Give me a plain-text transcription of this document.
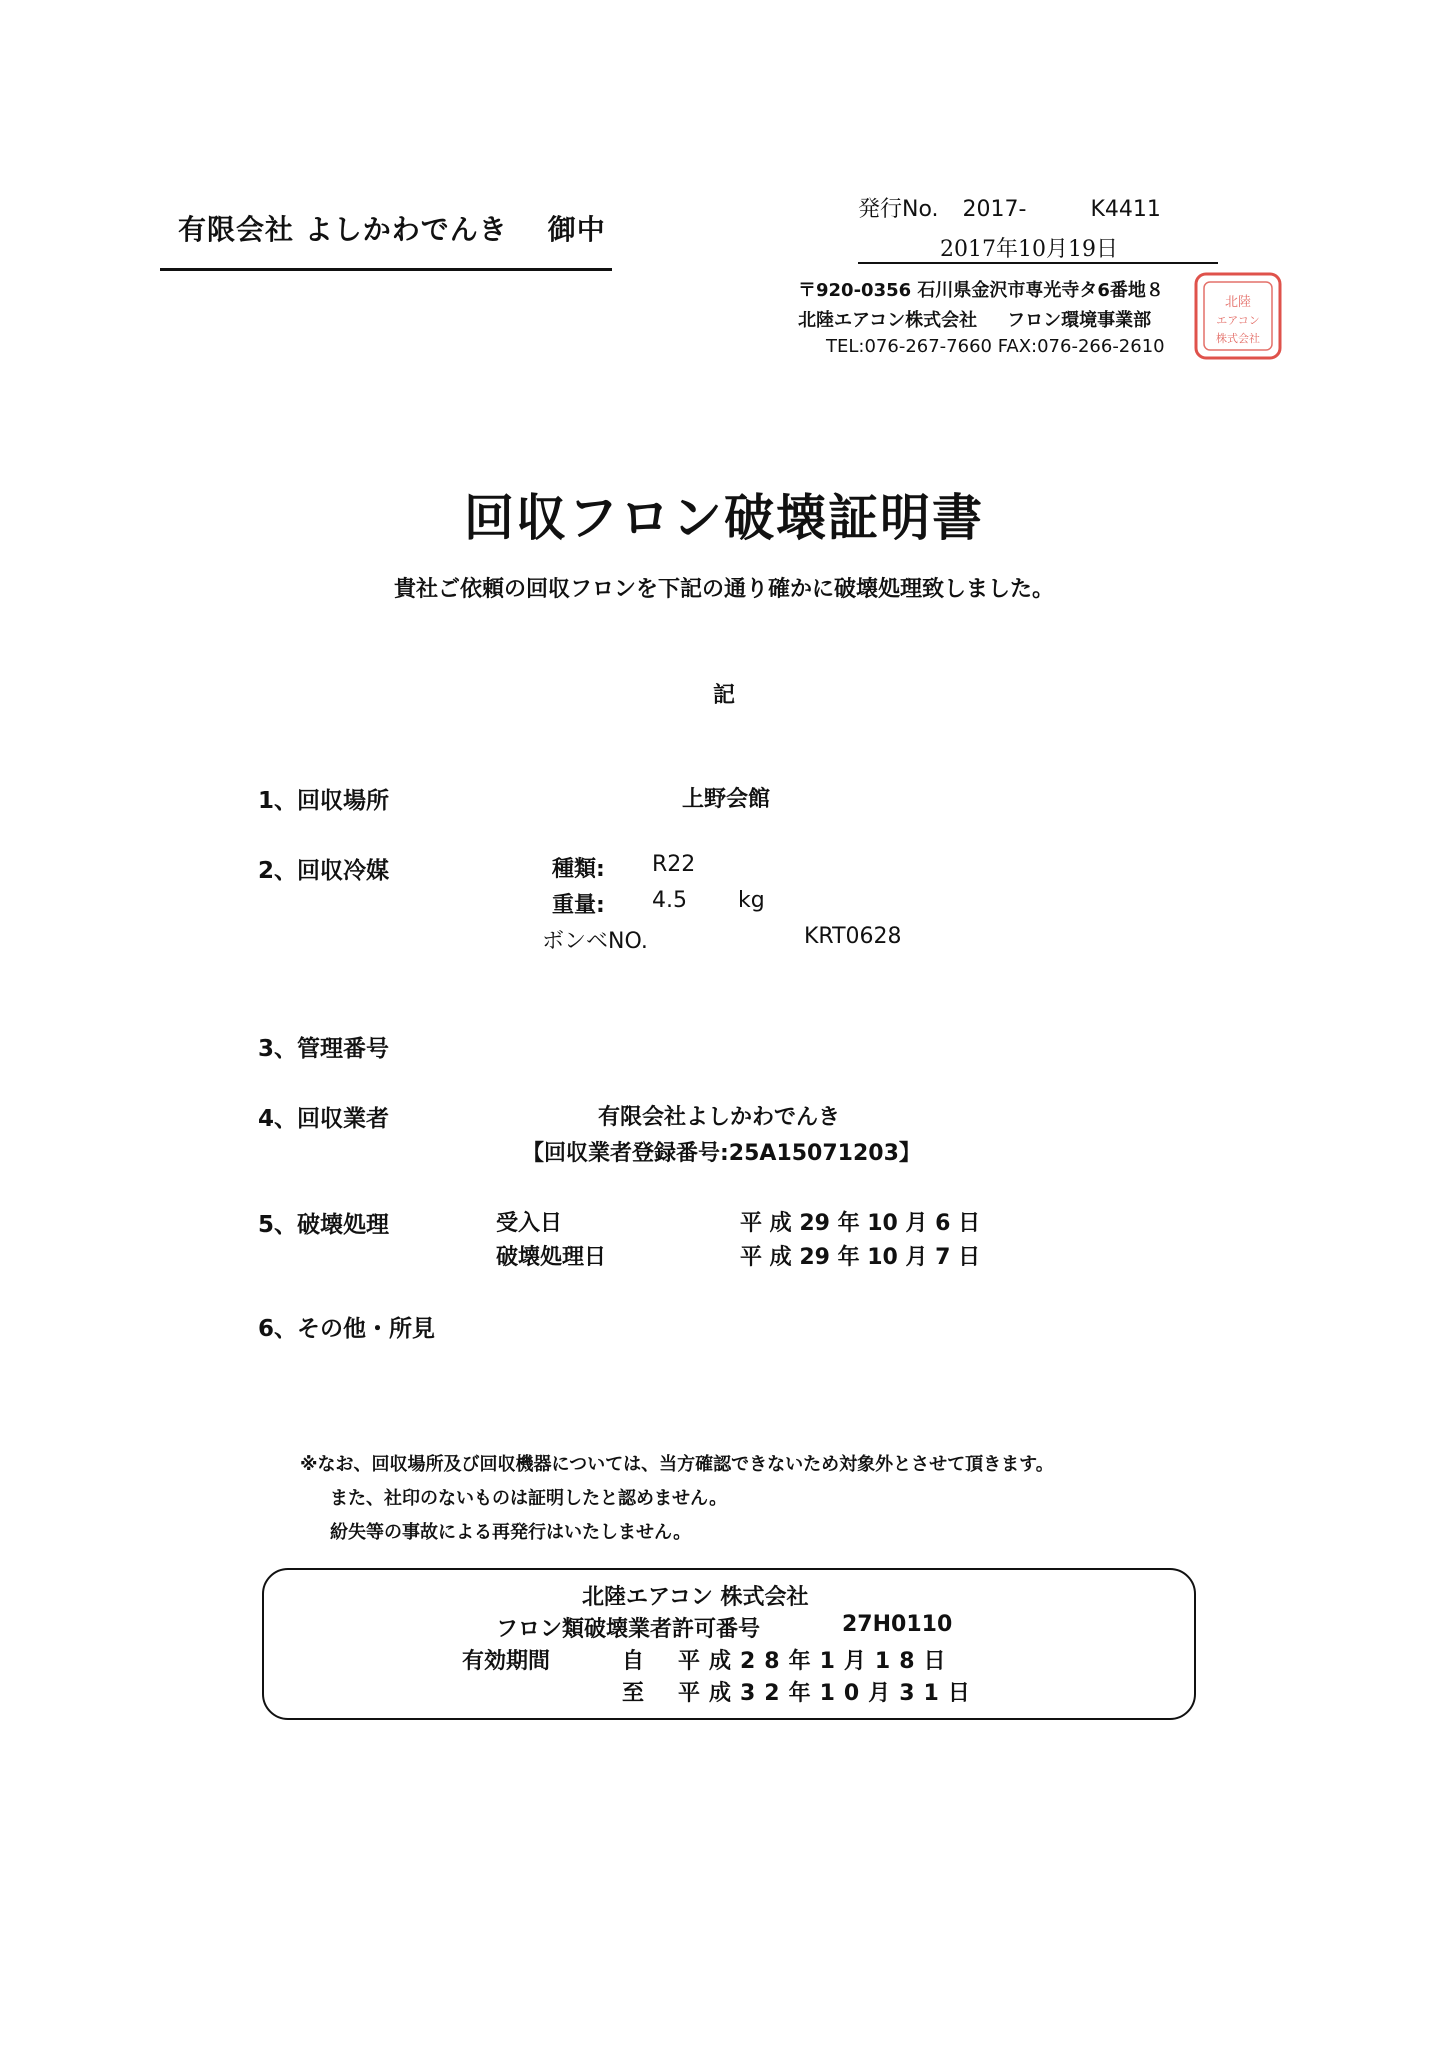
有限会社 よしかわでんき 御中
発行No. 2017-	K4411
2017年10月19日
〒920-0356 石川県金沢市専光寺タ6番地８
北陸エアコン株式会社 フロン環境事業部
TEL:076-267-7660 FAX:076-266-2610
北陸
エアコン
株式会社
回収フロン破壊証明書
貴社ご依頼の回収フロンを下記の通り確かに破壊処理致しました。
記
1、回収場所	上野会館
2、回収冷媒	種類: R22
重量: 4.5 kg
ボンベNO.	KRT0628
3、管理番号
4、回収業者	有限会社よしかわでんき
【回収業者登録番号:25A15071203】
5、破壊処理	受入日	平 成 29 年 10 月 6 日
破壊処理日	平 成 29 年 10 月 7 日
6、その他・所見
※なお、回収場所及び回収機器については、当方確認できないため対象外とさせて頂きます。
また、社印のないものは証明したと認めません。
紛失等の事故による再発行はいたしません。
北陸エアコン 株式会社
フロン類破壊業者許可番号	27H0110
有効期間	自 平成28年1月18日
至 平成32年10月31日
